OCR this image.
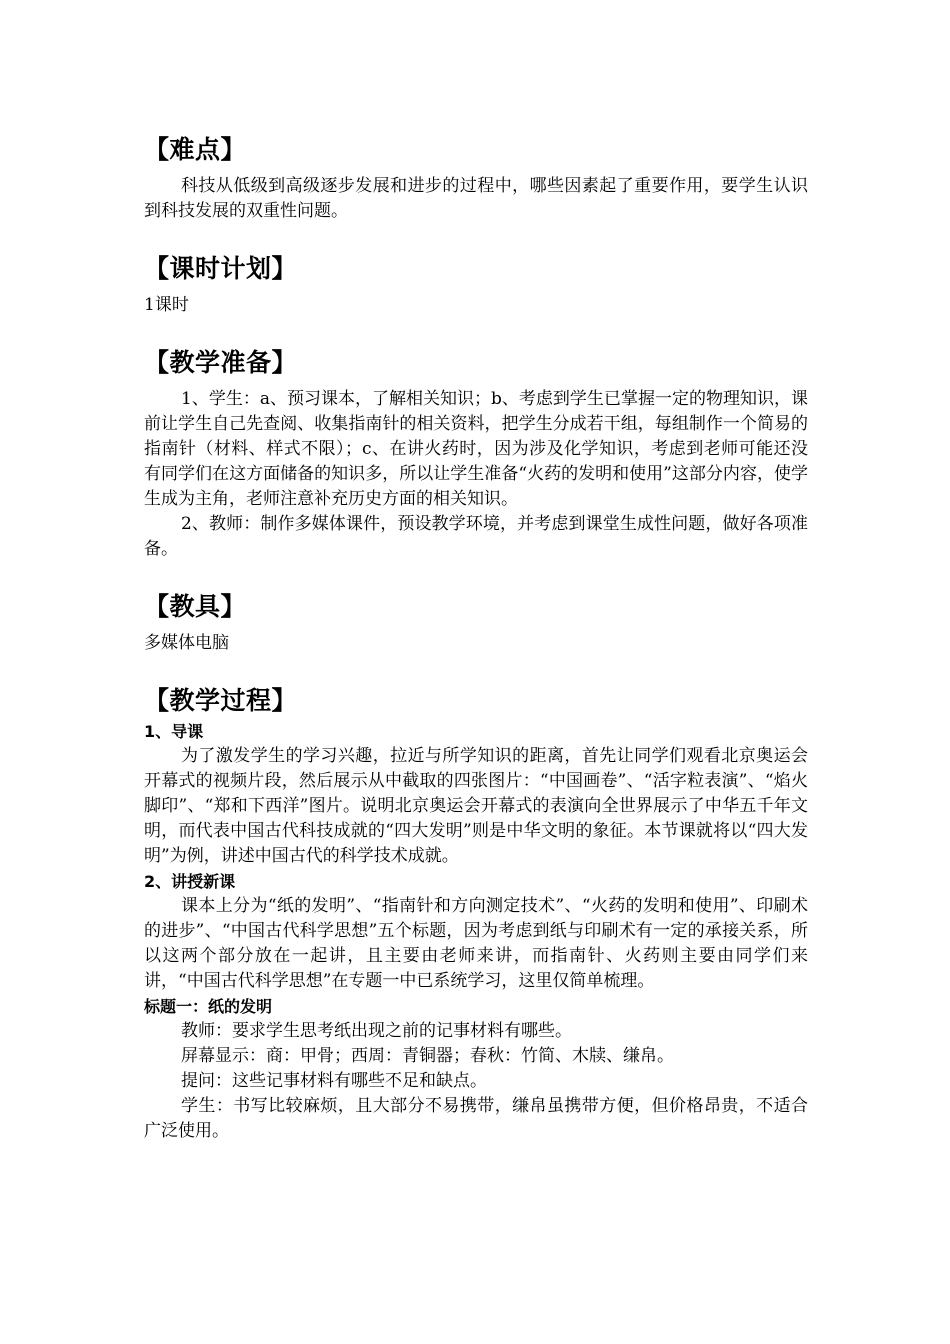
【难点】

科技从低级到高级逐步发展和进步的过程中，哪些因素起了重要作用，要学生认识到科技发展的双重性问题。

【课时计划】

1课时

【教学准备】

1、学生：a、预习课本，了解相关知识；b、考虑到学生已掌握一定的物理知识，课前让学生自己先查阅、收集指南针的相关资料，把学生分成若干组，每组制作一个简易的指南针（材料、样式不限）；c、在讲火药时，因为涉及化学知识，考虑到老师可能还没有同学们在这方面储备的知识多，所以让学生准备“火药的发明和使用”这部分内容，使学生成为主角，老师注意补充历史方面的相关知识。

2、教师：制作多媒体课件，预设教学环境，并考虑到课堂生成性问题，做好各项准备。

【教具】

多媒体电脑

【教学过程】

1、导课

为了激发学生的学习兴趣，拉近与所学知识的距离，首先让同学们观看北京奥运会开幕式的视频片段，然后展示从中截取的四张图片：“中国画卷”、“活字粒表演”、“焰火脚印”、“郑和下西洋”图片。说明北京奥运会开幕式的表演向全世界展示了中华五千年文明，而代表中国古代科技成就的“四大发明”则是中华文明的象征。本节课就将以“四大发明”为例，讲述中国古代的科学技术成就。

2、讲授新课

课本上分为“纸的发明”、“指南针和方向测定技术”、“火药的发明和使用”、印刷术的进步”、“中国古代科学思想”五个标题，因为考虑到纸与印刷术有一定的承接关系，所以这两个部分放在一起讲，且主要由老师来讲，而指南针、火药则主要由同学们来讲，“中国古代科学思想”在专题一中已系统学习，这里仅简单梳理。

标题一：纸的发明

教师：要求学生思考纸出现之前的记事材料有哪些。

屏幕显示：商：甲骨；西周：青铜器；春秋：竹简、木牍、缣帛。

提问：这些记事材料有哪些不足和缺点。

学生：书写比较麻烦，且大部分不易携带，缣帛虽携带方便，但价格昂贵，不适合广泛使用。
